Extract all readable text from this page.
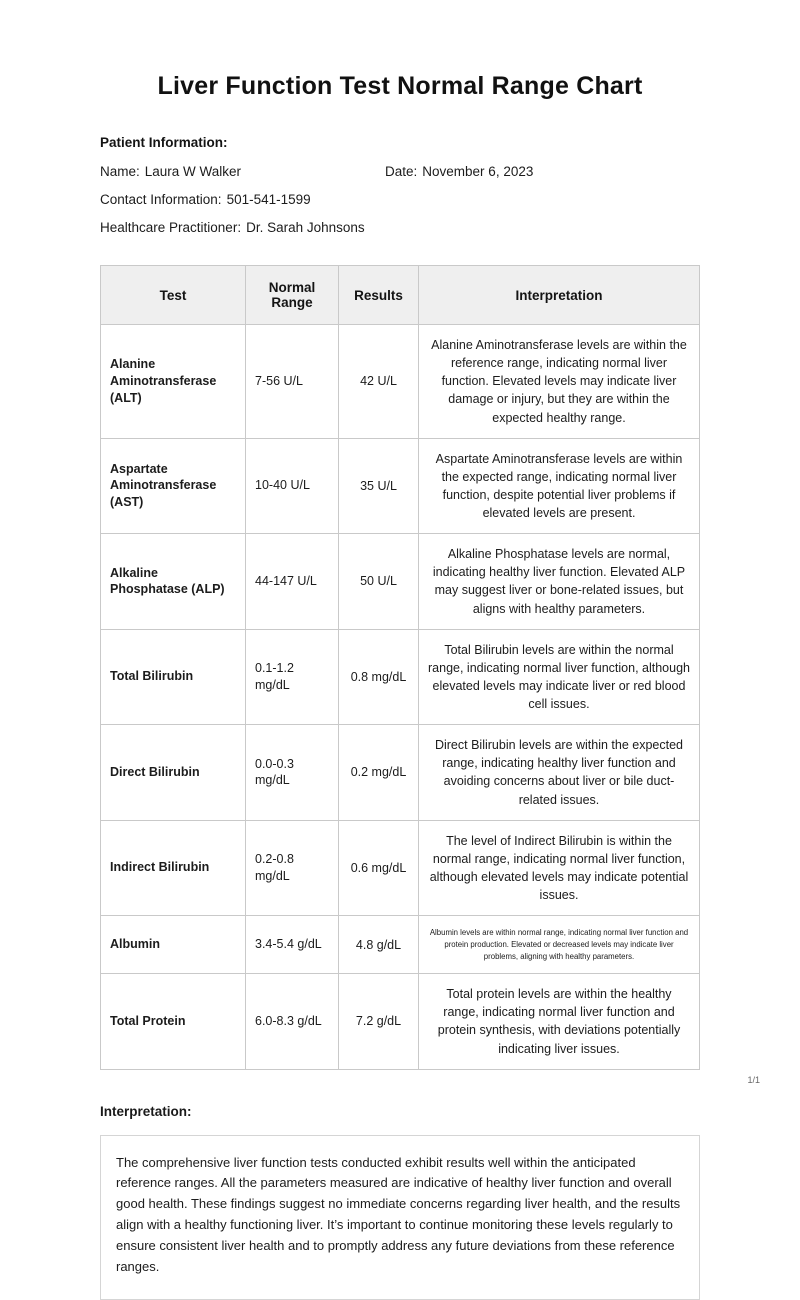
Liver Function Test Normal Range Chart
Patient Information:
Name: Laura W Walker	Date: November 6, 2023
Contact Information: 501-541-1599
Healthcare Practitioner: Dr. Sarah Johnsons
Test	Normal Range	Results	Interpretation
Alanine Aminotransferase (ALT)	7-56 U/L	42 U/L	Alanine Aminotransferase levels are within the reference range, indicating normal liver function. Elevated levels may indicate liver damage or injury, but they are within the expected healthy range.
Aspartate Aminotransferase (AST)	10-40 U/L	35 U/L	Aspartate Aminotransferase levels are within the expected range, indicating normal liver function, despite potential liver problems if elevated levels are present.
Alkaline Phosphatase (ALP)	44-147 U/L	50 U/L	Alkaline Phosphatase levels are normal, indicating healthy liver function. Elevated ALP may suggest liver or bone-related issues, but aligns with healthy parameters.
Total Bilirubin	0.1-1.2 mg/dL	0.8 mg/dL	Total Bilirubin levels are within the normal range, indicating normal liver function, although elevated levels may indicate liver or red blood cell issues.
Direct Bilirubin	0.0-0.3 mg/dL	0.2 mg/dL	Direct Bilirubin levels are within the expected range, indicating healthy liver function and avoiding concerns about liver or bile duct-related issues.
Indirect Bilirubin	0.2-0.8 mg/dL	0.6 mg/dL	The level of Indirect Bilirubin is within the normal range, indicating normal liver function, although elevated levels may indicate potential issues.
Albumin	3.4-5.4 g/dL	4.8 g/dL	Albumin levels are within normal range, indicating normal liver function and protein production. Elevated or decreased levels may indicate liver problems, aligning with healthy parameters.
Total Protein	6.0-8.3 g/dL	7.2 g/dL	Total protein levels are within the healthy range, indicating normal liver function and protein synthesis, with deviations potentially indicating liver issues.
Interpretation:
The comprehensive liver function tests conducted exhibit results well within the anticipated reference ranges. All the parameters measured are indicative of healthy liver function and overall good health. These findings suggest no immediate concerns regarding liver health, and the results align with a healthy functioning liver. It’s important to continue monitoring these levels regularly to ensure consistent liver health and to promptly address any future deviations from these reference ranges.
1/1
